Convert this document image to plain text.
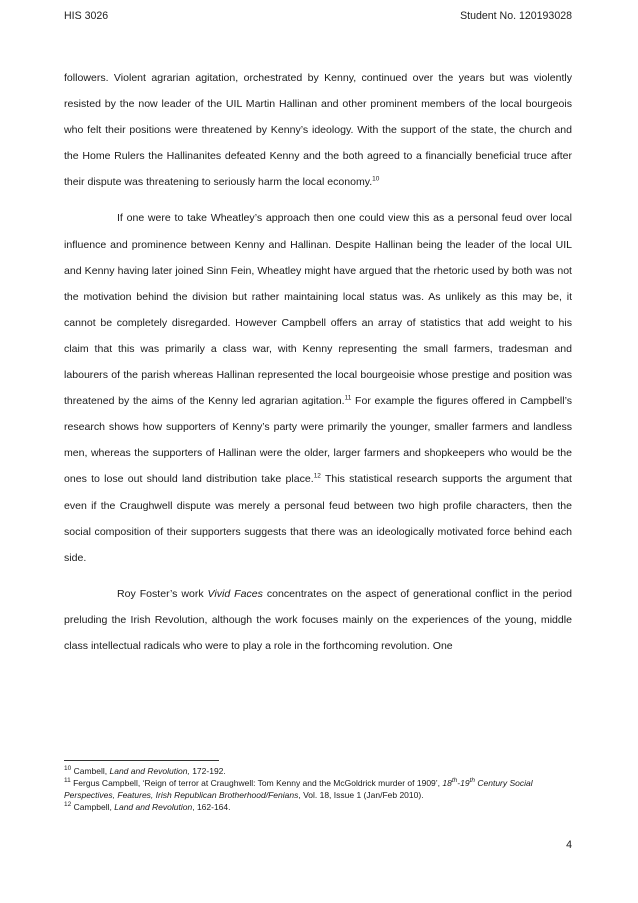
HIS 3026	Student No. 120193028

followers. Violent agrarian agitation, orchestrated by Kenny, continued over the years but was violently resisted by the now leader of the UIL Martin Hallinan and other prominent members of the local bourgeois who felt their positions were threatened by Kenny’s ideology. With the support of the state, the church and the Home Rulers the Hallinanites defeated Kenny and the both agreed to a financially beneficial truce after their dispute was threatening to seriously harm the local economy.$^{10}$

If one were to take Wheatley’s approach then one could view this as a personal feud over local influence and prominence between Kenny and Hallinan. Despite Hallinan being the leader of the local UIL and Kenny having later joined Sinn Fein, Wheatley might have argued that the rhetoric used by both was not the motivation behind the division but rather maintaining local status was. As unlikely as this may be, it cannot be completely disregarded. However Campbell offers an array of statistics that add weight to his claim that this was primarily a class war, with Kenny representing the small farmers, tradesman and labourers of the parish whereas Hallinan represented the local bourgeoisie whose prestige and position was threatened by the aims of the Kenny led agrarian agitation.$^{11}$ For example the figures offered in Campbell’s research shows how supporters of Kenny’s party were primarily the younger, smaller farmers and landless men, whereas the supporters of Hallinan were the older, larger farmers and shopkeepers who would be the ones to lose out should land distribution take place.$^{12}$ This statistical research supports the argument that even if the Craughwell dispute was merely a personal feud between two high profile characters, then the social composition of their supporters suggests that there was an ideologically motivated force behind each side.

Roy Foster’s work Vivid Faces concentrates on the aspect of generational conflict in the period preluding the Irish Revolution, although the work focuses mainly on the experiences of the young, middle class intellectual radicals who were to play a role in the forthcoming revolution. One

$^{10}$ Cambell, Land and Revolution, 172-192.
$^{11}$ Fergus Campbell, ‘Reign of terror at Craughwell: Tom Kenny and the McGoldrick murder of 1909’, 18th-19th Century Social Perspectives, Features, Irish Republican Brotherhood/Fenians, Vol. 18, Issue 1 (Jan/Feb 2010).
$^{12}$ Campbell, Land and Revolution, 162-164.
4
